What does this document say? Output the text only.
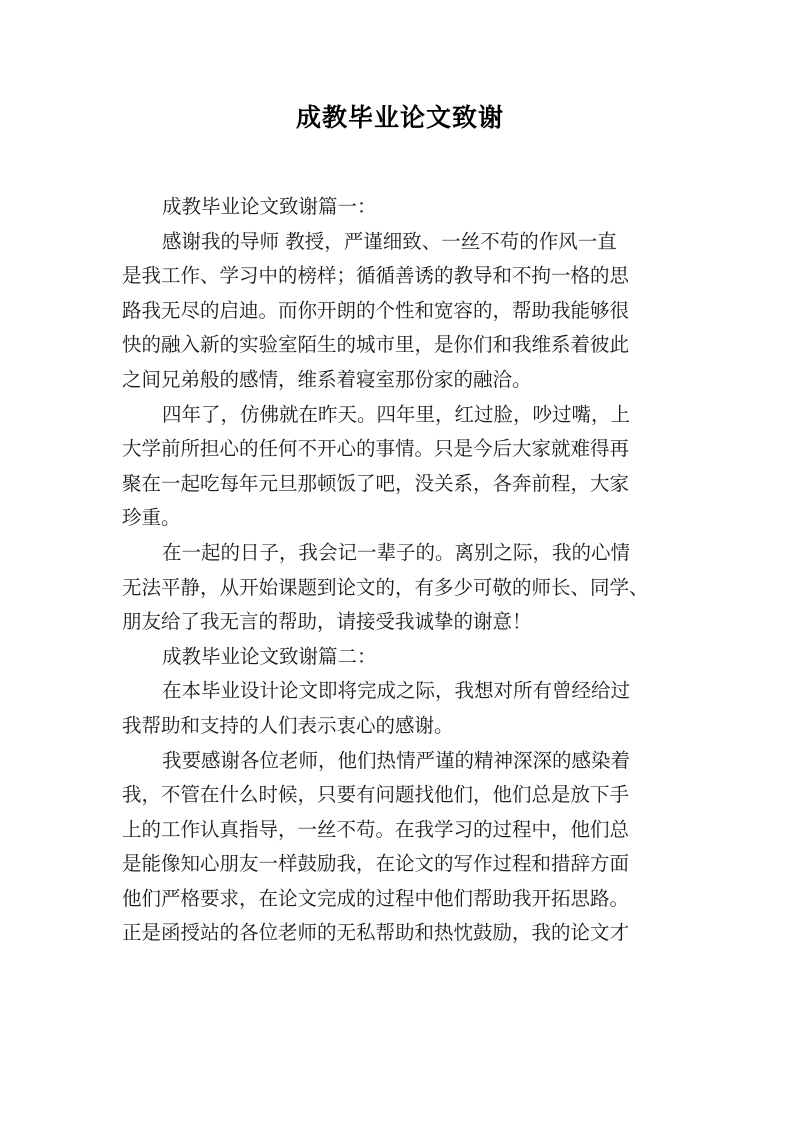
成教毕业论文致谢
成教毕业论文致谢篇一：
感谢我的导师 教授，严谨细致、一丝不苟的作风一直
是我工作、学习中的榜样；循循善诱的教导和不拘一格的思
路我无尽的启迪。而你开朗的个性和宽容的，帮助我能够很
快的融入新的实验室陌生的城市里，是你们和我维系着彼此
之间兄弟般的感情，维系着寝室那份家的融洽。
四年了，仿佛就在昨天。四年里，红过脸，吵过嘴，上
大学前所担心的任何不开心的事情。只是今后大家就难得再
聚在一起吃每年元旦那顿饭了吧，没关系，各奔前程，大家
珍重。
在一起的日子，我会记一辈子的。离别之际，我的心情
无法平静，从开始课题到论文的，有多少可敬的师长、同学、
朋友给了我无言的帮助，请接受我诚挚的谢意！
成教毕业论文致谢篇二：
在本毕业设计论文即将完成之际，我想对所有曾经给过
我帮助和支持的人们表示衷心的感谢。
我要感谢各位老师，他们热情严谨的精神深深的感染着
我，不管在什么时候，只要有问题找他们，他们总是放下手
上的工作认真指导，一丝不苟。在我学习的过程中，他们总
是能像知心朋友一样鼓励我，在论文的写作过程和措辞方面
他们严格要求，在论文完成的过程中他们帮助我开拓思路。
正是函授站的各位老师的无私帮助和热忱鼓励，我的论文才
